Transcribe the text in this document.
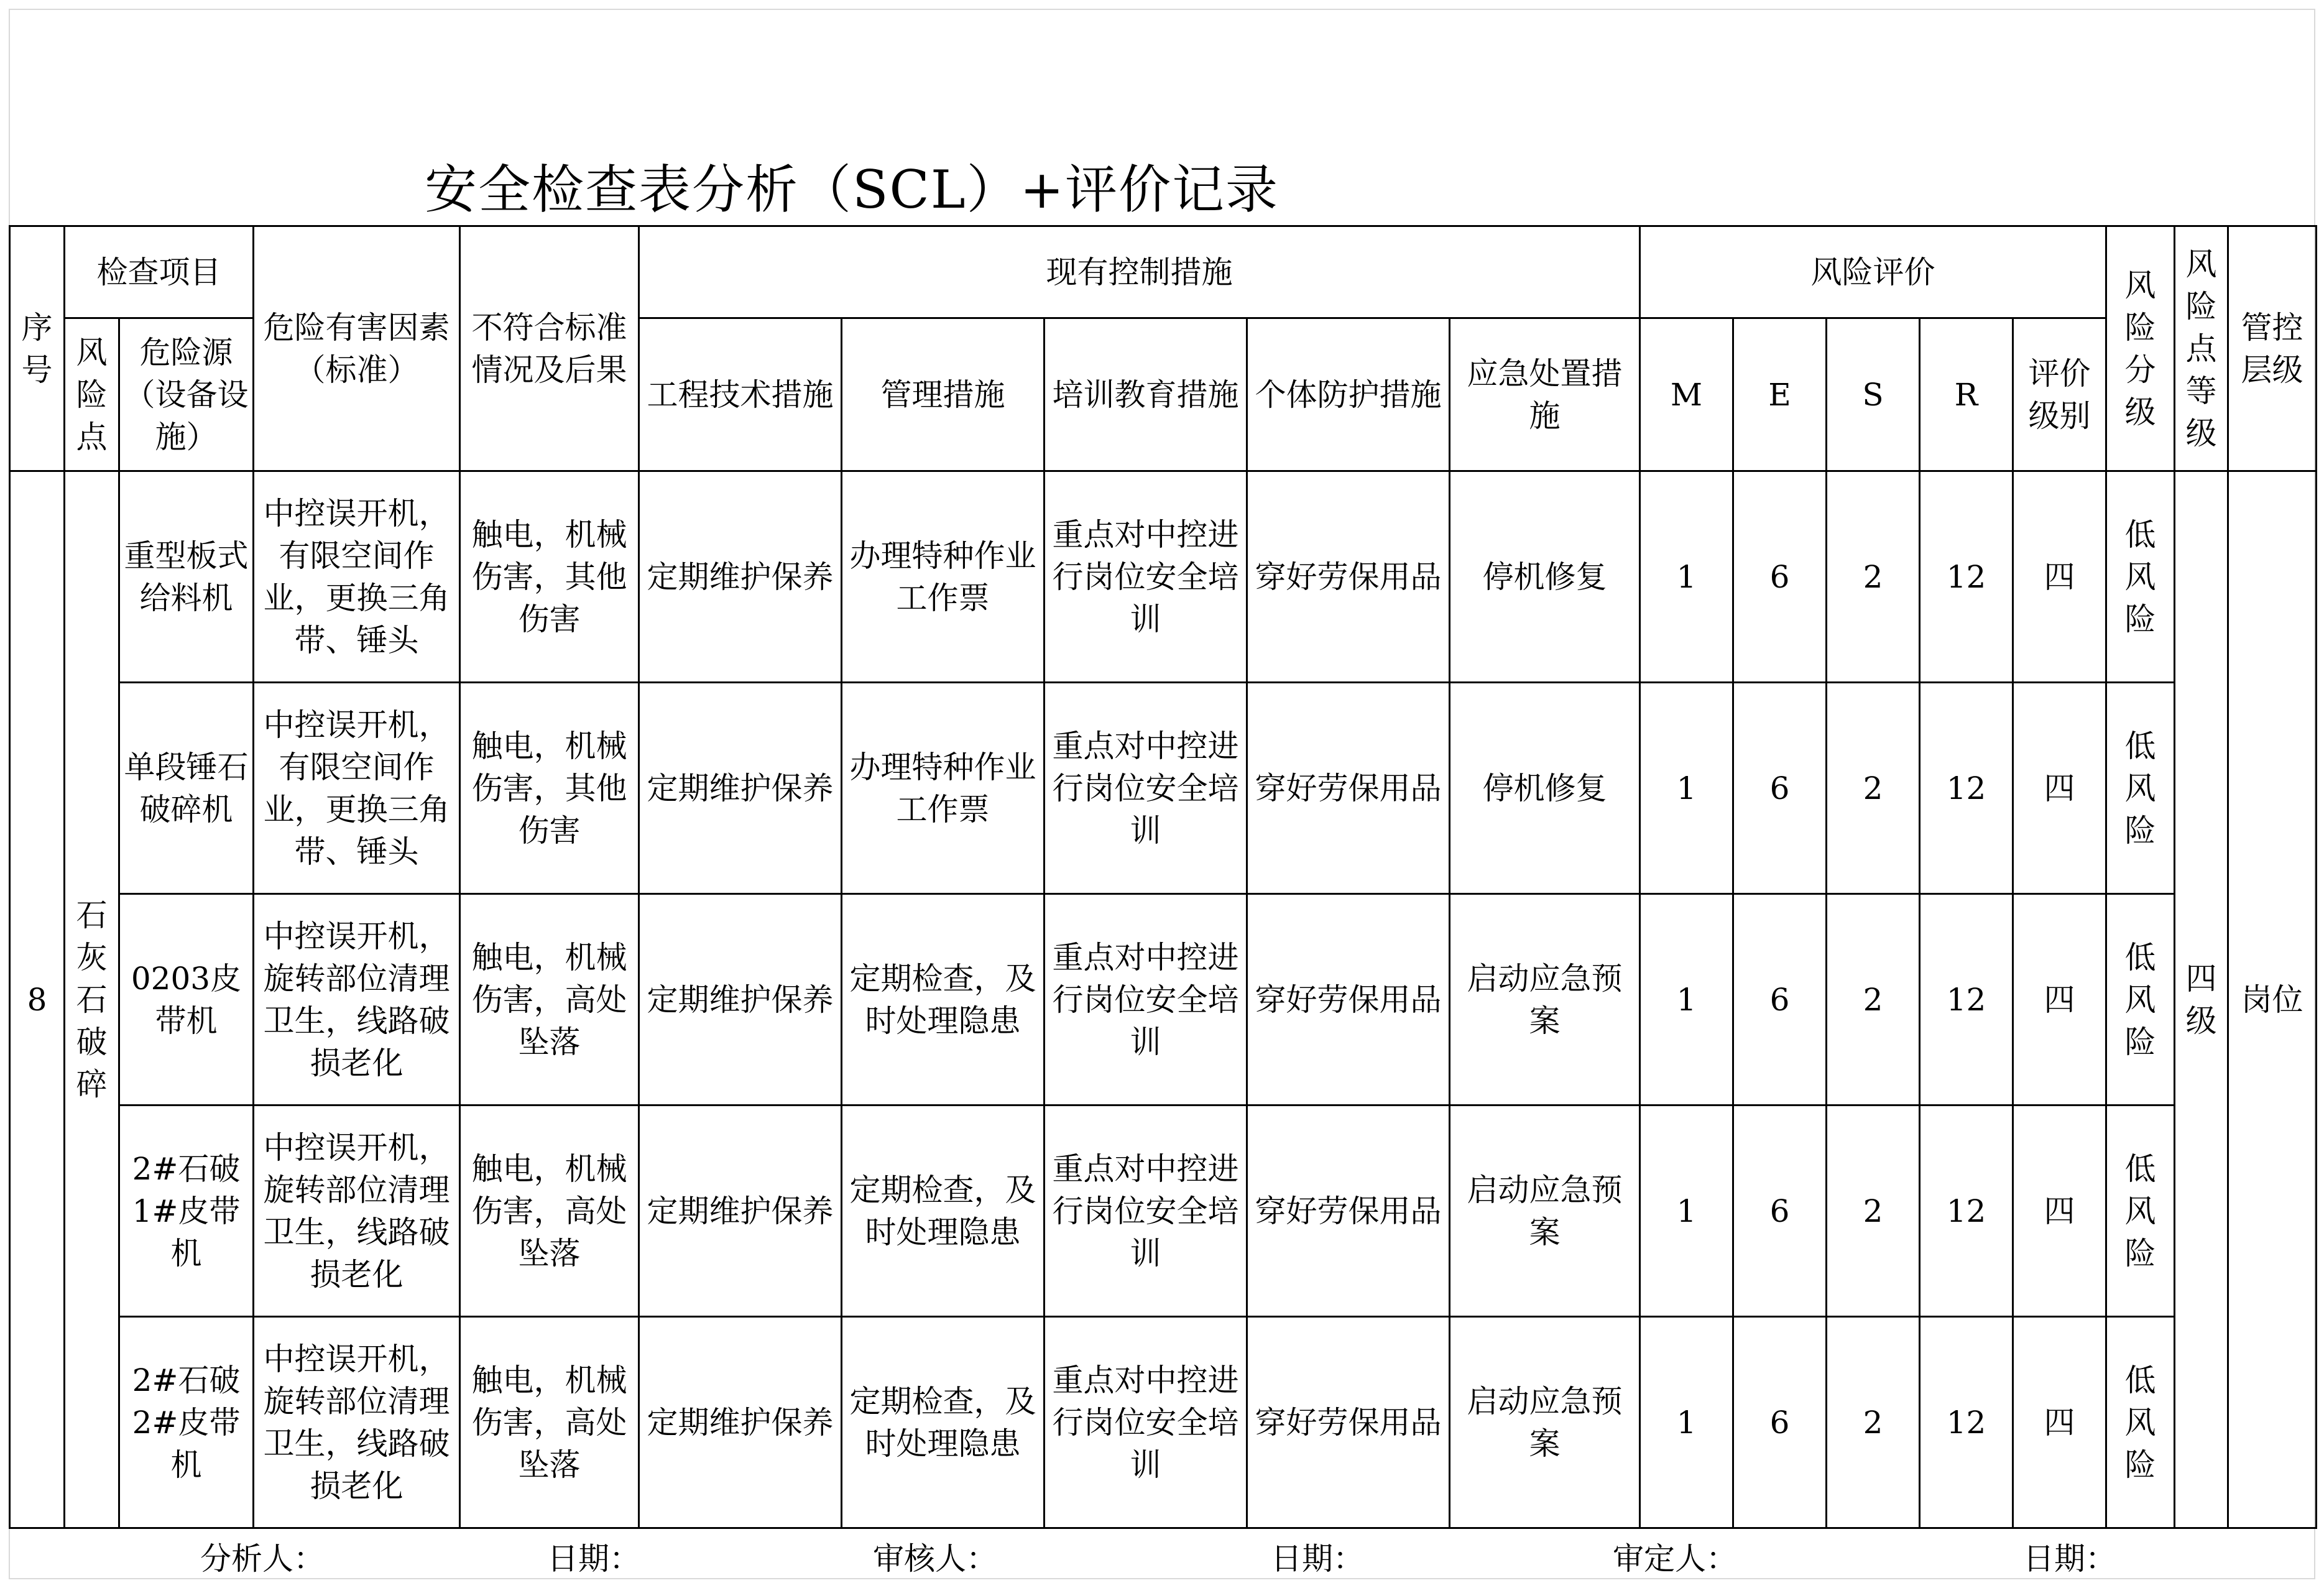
安全检查表分析（SCL）+评价记录
序号	检查项目		危险有害因素（标准）	不符合标准情况及后果	现有控制措施					风险评价					风险分级	风险点等级	管控层级
	风险点	危险源（设备设施）			工程技术措施	管理措施	培训教育措施	个体防护措施	应急处置措施	M	E	S	R	评价级别			
8	石灰石破碎	重型板式给料机	中控误开机，有限空间作业，更换三角带、锤头	触电，机械伤害，其他伤害	定期维护保养	办理特种作业工作票	重点对中控进行岗位安全培训	穿好劳保用品	停机修复	1	6	2	12	四	低风险	四级	岗位
		单段锤石破碎机	中控误开机，有限空间作业，更换三角带、锤头	触电，机械伤害，其他伤害	定期维护保养	办理特种作业工作票	重点对中控进行岗位安全培训	穿好劳保用品	停机修复	1	6	2	12	四	低风险		
		0203皮带机	中控误开机，旋转部位清理卫生，线路破损老化	触电，机械伤害，高处坠落	定期维护保养	定期检查，及时处理隐患	重点对中控进行岗位安全培训	穿好劳保用品	启动应急预案	1	6	2	12	四	低风险		
		2#石破1#皮带机	中控误开机，旋转部位清理卫生，线路破损老化	触电，机械伤害，高处坠落	定期维护保养	定期检查，及时处理隐患	重点对中控进行岗位安全培训	穿好劳保用品	启动应急预案	1	6	2	12	四	低风险		
		2#石破2#皮带机	中控误开机，旋转部位清理卫生，线路破损老化	触电，机械伤害，高处坠落	定期维护保养	定期检查，及时处理隐患	重点对中控进行岗位安全培训	穿好劳保用品	启动应急预案	1	6	2	12	四	低风险		
分析人：	日期：	审核人：	日期：	审定人：	日期：
